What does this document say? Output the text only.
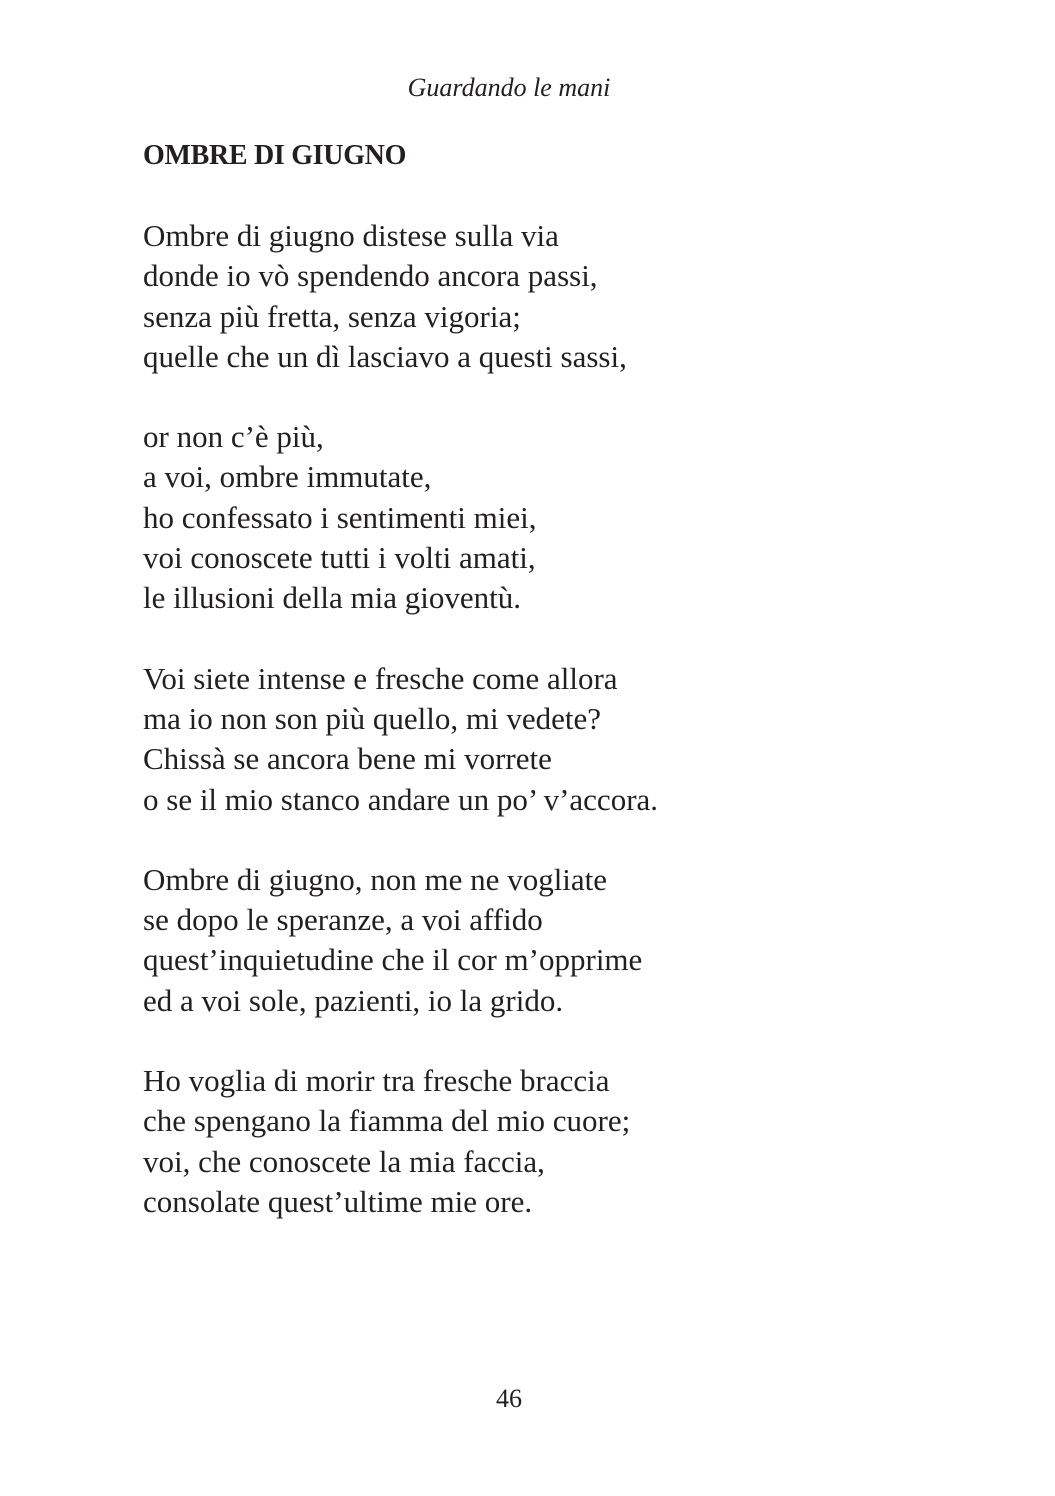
Guardando le mani
OMBRE DI GIUGNO
Ombre di giugno distese sulla via
donde io vò spendendo ancora passi,
senza più fretta, senza vigoria;
quelle che un dì lasciavo a questi sassi,
or non c’è più,
a voi, ombre immutate,
ho confessato i sentimenti miei,
voi conoscete tutti i volti amati,
le illusioni della mia gioventù.
Voi siete intense e fresche come allora
ma io non son più quello, mi vedete?
Chissà se ancora bene mi vorrete
o se il mio stanco andare un po’ v’accora.
Ombre di giugno, non me ne vogliate
se dopo le speranze, a voi affido
quest’inquietudine che il cor m’opprime
ed a voi sole, pazienti, io la grido.
Ho voglia di morir tra fresche braccia
che spengano la fiamma del mio cuore;
voi, che conoscete la mia faccia,
consolate quest’ultime mie ore.
46
